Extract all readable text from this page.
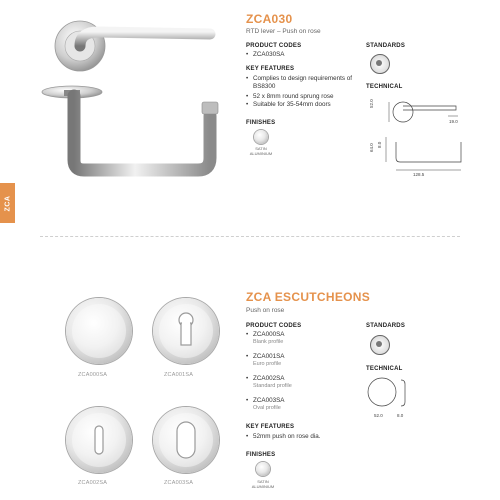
ZCA
ZCA030
RTD lever – Push on rose
PRODUCT CODES
• ZCA030SA
KEY FEATURES
• Complies to design requirements of BS8300
• 52 x 8mm round sprung rose
• Suitable for 35-54mm doors
FINISHES
SATIN
ALUMINIUM
STANDARDS
TECHNICAL
52.0
19.0
64.0 8.0
128.5
ZCA000SA	ZCA001SA
ZCA002SA	ZCA003SA
ZCA ESCUTCHEONS
Push on rose
PRODUCT CODES
• ZCA000SA
Blank profile
• ZCA001SA
Euro profile
• ZCA002SA
Standard profile
• ZCA003SA
Oval profile
KEY FEATURES
• 52mm push on rose dia.
FINISHES
SATIN
ALUMINIUM
STANDARDS
TECHNICAL
52.0	8.0
